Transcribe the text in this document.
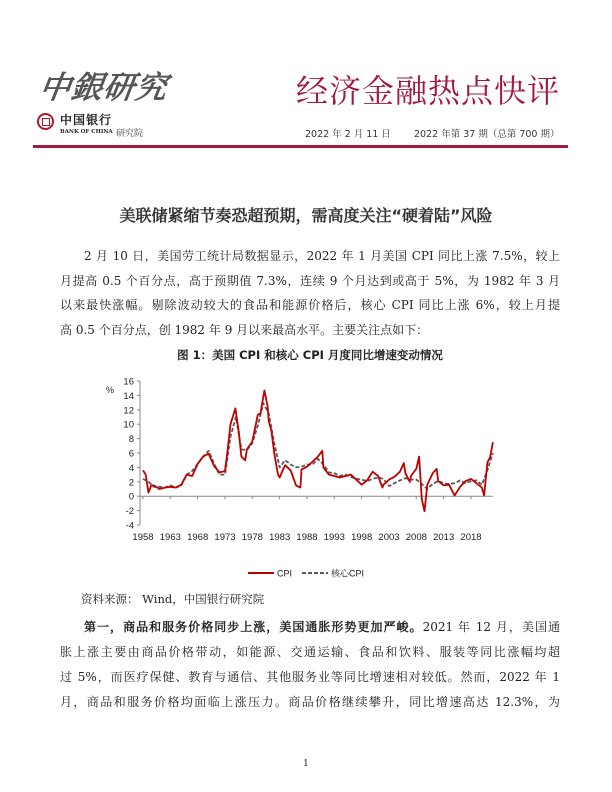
中銀研究	经济金融热点快评
中国银行
BANK OF CHINA 研究院	2022 年 2 月 11 日 2022 年第 37 期（总第 700 期）
美联储紧缩节奏恐超预期，需高度关注“硬着陆”风险
2 月 10 日，美国劳工统计局数据显示，2022 年 1 月美国 CPI 同比上涨 7.5%，较上
月提高 0.5 个百分点，高于预期值 7.3%，连续 9 个月达到或高于 5%，为 1982 年 3 月
以来最快涨幅。剔除波动较大的食品和能源价格后，核心 CPI 同比上涨 6%，较上月提
高 0.5 个百分点，创 1982 年 9 月以来最高水平。主要关注点如下：
图 1：美国 CPI 和核心 CPI 月度同比增速变动情况
16
14
12
10
8
6
4
2
0
-2
-4
%
1958 1963 1968 1973 1978 1983 1988 1993 1998 2003 2008 2013 2018
CPI	核心CPI
资料来源： Wind，中国银行研究院
第一，商品和服务价格同步上涨，美国通胀形势更加严峻。2021 年 12 月，美国通
胀上涨主要由商品价格带动，如能源、交通运输、食品和饮料、服装等同比涨幅均超
过 5%，而医疗保健、教育与通信、其他服务业等同比增速相对较低。然而，2022 年 1
月，商品和服务价格均面临上涨压力。商品价格继续攀升，同比增速高达 12.3%，为
1
